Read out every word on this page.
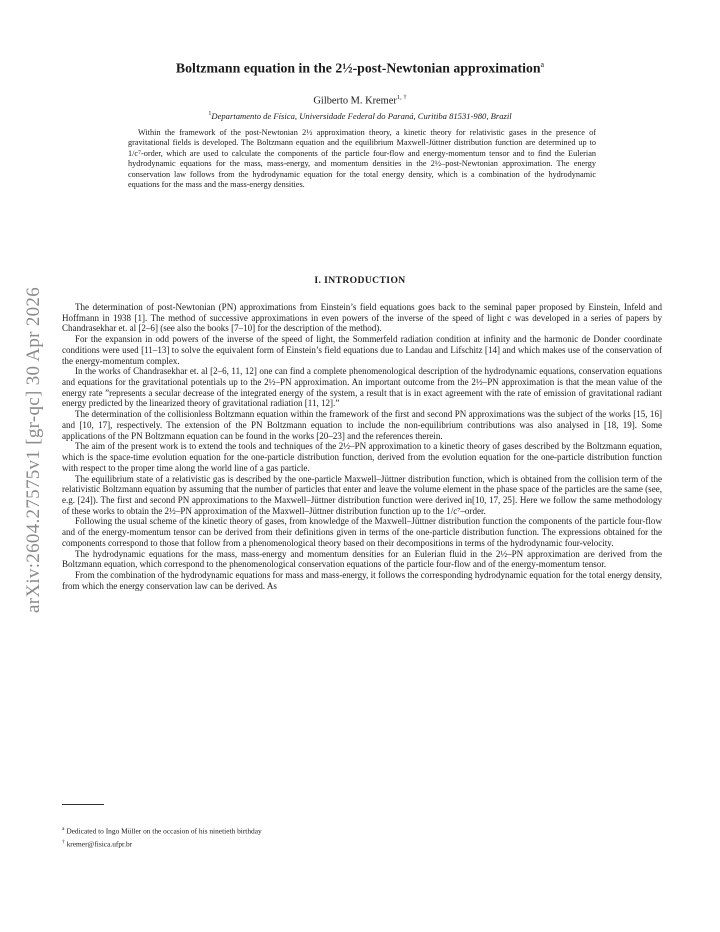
arXiv:2604.27575v1 [gr-qc] 30 Apr 2026
Boltzmann equation in the 2½-post-Newtonian approximation$^a$
Gilberto M. Kremer$^{1, \dagger}$
$^1$Departamento de Física, Universidade Federal do Paraná, Curitiba 81531-980, Brazil
Within the framework of the post-Newtonian 2½ approximation theory, a kinetic theory for relativistic gases in the presence of gravitational fields is developed. The Boltzmann equation and the equilibrium Maxwell-Jüttner distribution function are determined up to 1/c⁷-order, which are used to calculate the components of the particle four-flow and energy-momentum tensor and to find the Eulerian hydrodynamic equations for the mass, mass-energy, and momentum densities in the 2½–post-Newtonian approximation. The energy conservation law follows from the hydrodynamic equation for the total energy density, which is a combination of the hydrodynamic equations for the mass and the mass-energy densities.
I. INTRODUCTION

The determination of post-Newtonian (PN) approximations from Einstein’s field equations goes back to the seminal paper proposed by Einstein, Infeld and Hoffmann in 1938 [1]. The method of successive approximations in even powers of the inverse of the speed of light c was developed in a series of papers by Chandrasekhar et. al [2–6] (see also the books [7–10] for the description of the method).

For the expansion in odd powers of the inverse of the speed of light, the Sommerfeld radiation condition at infinity and the harmonic de Donder coordinate conditions were used [11–13] to solve the equivalent form of Einstein’s field equations due to Landau and Lifschitz [14] and which makes use of the conservation of the energy-momentum complex.

In the works of Chandrasekhar et. al [2–6, 11, 12] one can find a complete phenomenological description of the hydrodynamic equations, conservation equations and equations for the gravitational potentials up to the 2½–PN approximation. An important outcome from the 2½–PN approximation is that the mean value of the energy rate ”represents a secular decrease of the integrated energy of the system, a result that is in exact agreement with the rate of emission of gravitational radiant energy predicted by the linearized theory of gravitational radiation [11, 12].”

The determination of the collisionless Boltzmann equation within the framework of the first and second PN approximations was the subject of the works [15, 16] and [10, 17], respectively. The extension of the PN Boltzmann equation to include the non-equilibrium contributions was also analysed in [18, 19]. Some applications of the PN Boltzmann equation can be found in the works [20–23] and the references therein.

The aim of the present work is to extend the tools and techniques of the 2½–PN approximation to a kinetic theory of gases described by the Boltzmann equation, which is the space-time evolution equation for the one-particle distribution function, derived from the evolution equation for the one-particle distribution function with respect to the proper time along the world line of a gas particle.

The equilibrium state of a relativistic gas is described by the one-particle Maxwell–Jüttner distribution function, which is obtained from the collision term of the relativistic Boltzmann equation by assuming that the number of particles that enter and leave the volume element in the phase space of the particles are the same (see, e.g. [24]). The first and second PN approximations to the Maxwell–Jüttner distribution function were derived in[10, 17, 25]. Here we follow the same methodology of these works to obtain the 2½–PN approximation of the Maxwell–Jüttner distribution function up to the 1/c⁷–order.

Following the usual scheme of the kinetic theory of gases, from knowledge of the Maxwell–Jüttner distribution function the components of the particle four-flow and of the energy-momentum tensor can be derived from their definitions given in terms of the one-particle distribution function. The expressions obtained for the components correspond to those that follow from a phenomenological theory based on their decompositions in terms of the hydrodynamic four-velocity.

The hydrodynamic equations for the mass, mass-energy and momentum densities for an Eulerian fluid in the 2½–PN approximation are derived from the Boltzmann equation, which correspond to the phenomenological conservation equations of the particle four-flow and of the energy-momentum tensor.

From the combination of the hydrodynamic equations for mass and mass-energy, it follows the corresponding hydrodynamic equation for the total energy density, from which the energy conservation law can be derived. As

$^a$ Dedicated to Ingo Müller on the occasion of his ninetieth birthday
† kremer@fisica.ufpr.br
